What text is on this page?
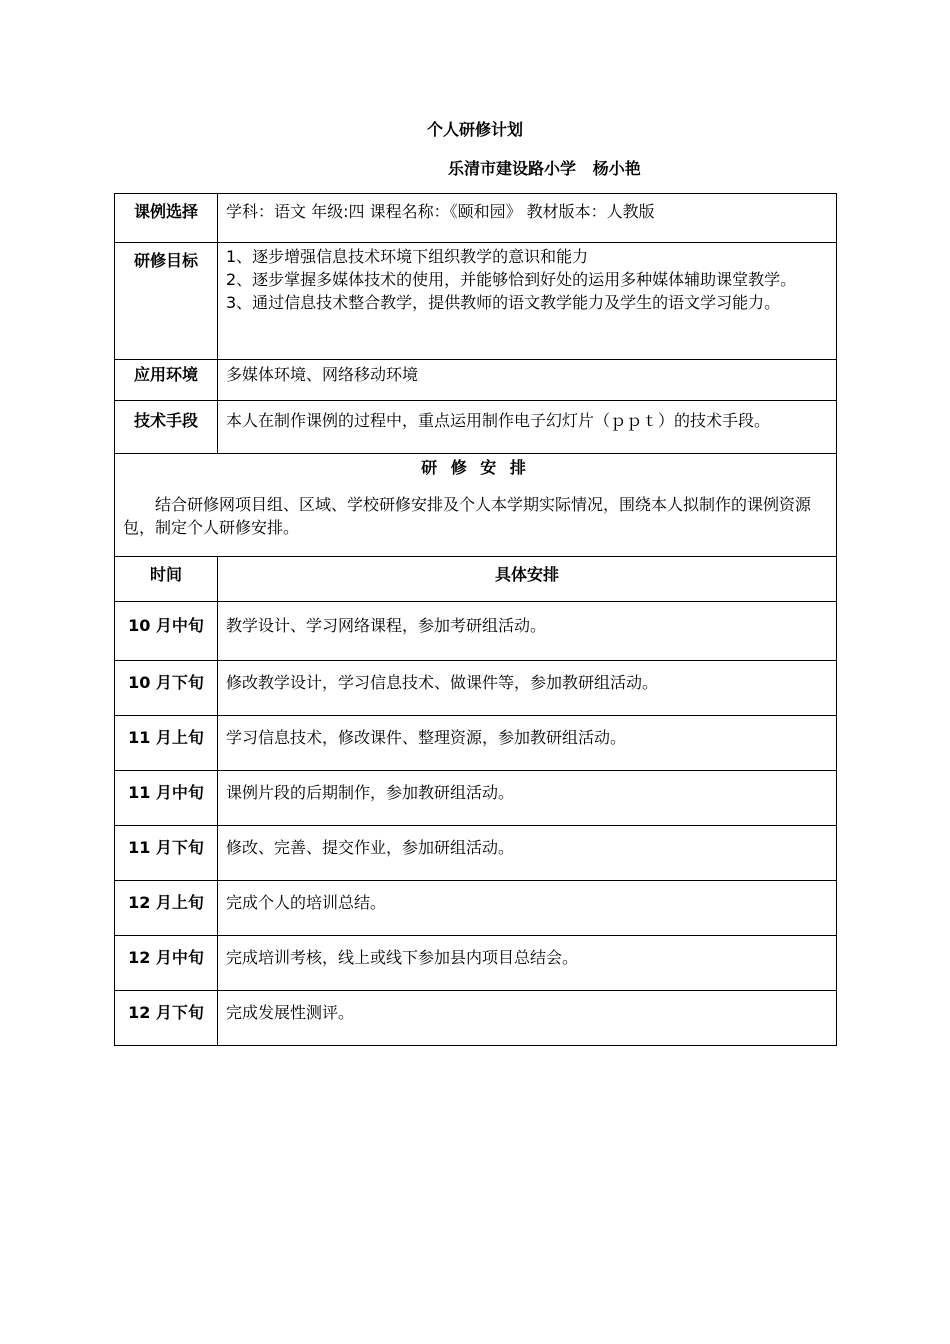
个人研修计划
乐清市建设路小学   杨小艳
课例选择	学科：语文 年级:四 课程名称：《颐和园》 教材版本：人教版
研修目标	1、逐步增强信息技术环境下组织教学的意识和能力
2、逐步掌握多媒体技术的使用，并能够恰到好处的运用多种媒体辅助课堂教学。
3、通过信息技术整合教学，提供教师的语文教学能力及学生的语文学习能力。

应用环境	多媒体环境、网络移动环境
技术手段	本人在制作课例的过程中，重点运用制作电子幻灯片（ｐｐｔ）的技术手段。

研 修 安 排
结合研修网项目组、区域、学校研修安排及个人本学期实际情况，围绕本人拟制作的课例资源包，制定个人研修安排。	

时间	具体安排
10 月中旬	教学设计、学习网络课程，参加考研组活动。
10 月下旬	修改教学设计，学习信息技术、做课件等，参加教研组活动。
11 月上旬	学习信息技术，修改课件、整理资源，参加教研组活动。
11 月中旬	课例片段的后期制作，参加教研组活动。
11 月下旬	修改、完善、提交作业，参加研组活动。
12 月上旬	完成个人的培训总结。
12 月中旬	完成培训考核，线上或线下参加县内项目总结会。
12 月下旬	完成发展性测评。
